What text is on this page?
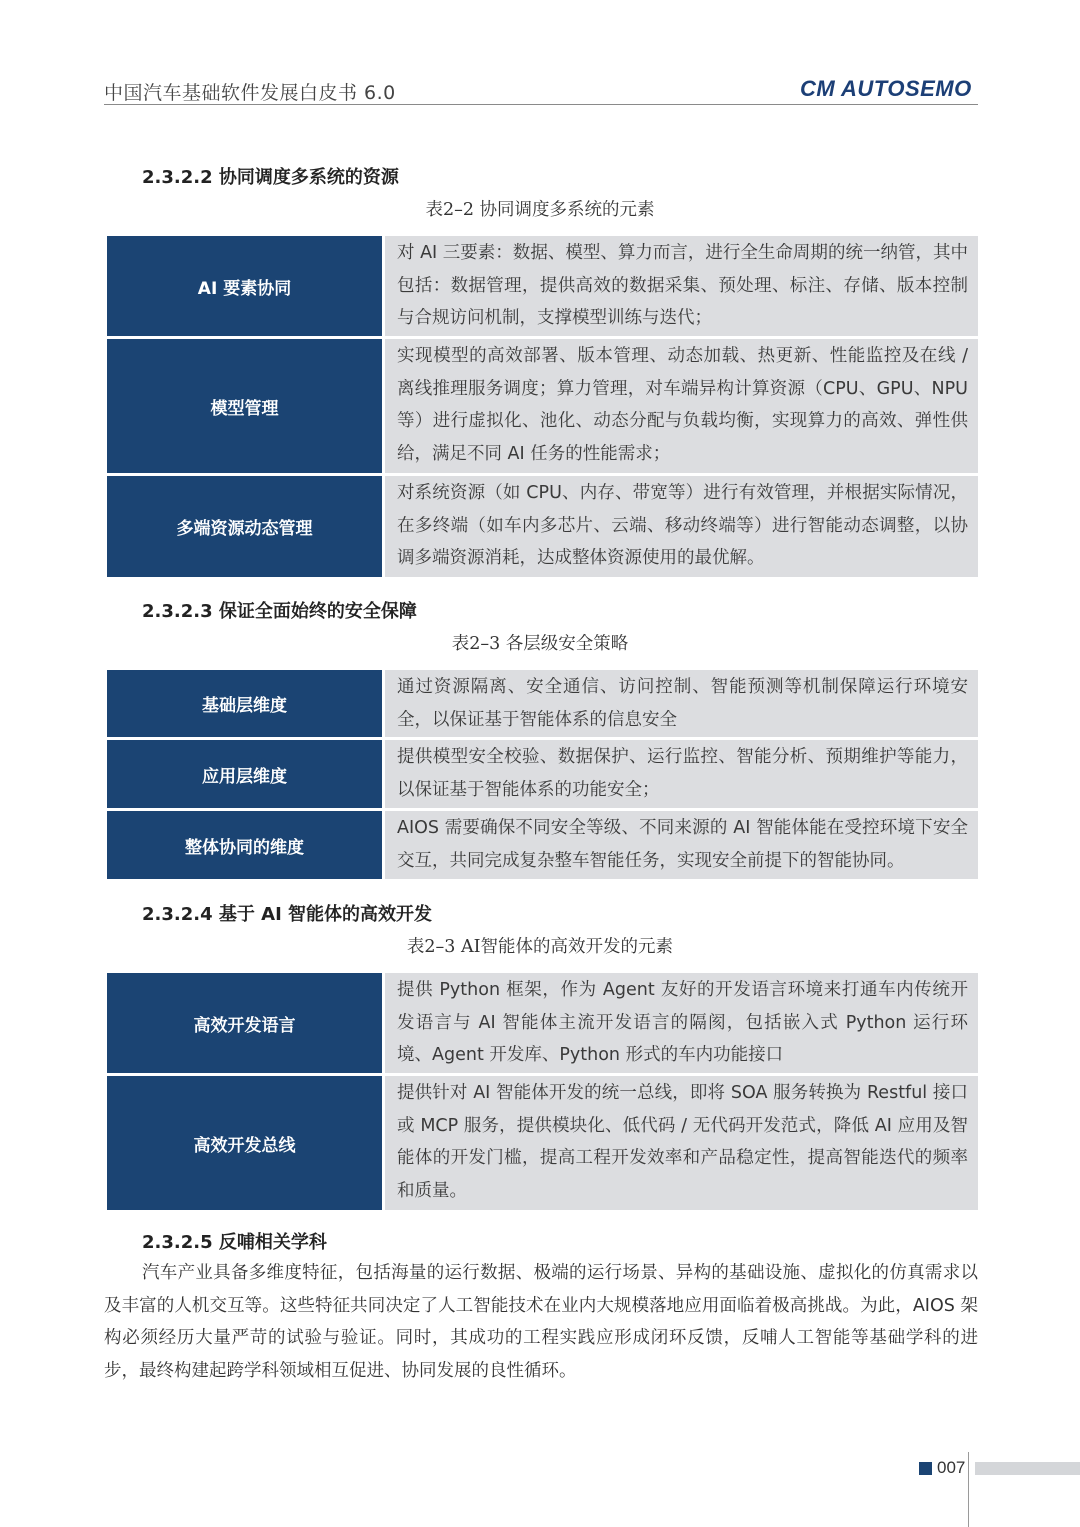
中国汽车基础软件发展白皮书 6.0	CM AUTOSEMO
2.3.2.2 协同调度多系统的资源
表2–2 协同调度多系统的元素
AI 要素协同
对 AI 三要素：数据、模型、算力而言，进行全生命周期的统一纳管，其中包括：数据管理，提供高效的数据采集、预处理、标注、存储、版本控制与合规访问机制，支撑模型训练与迭代；
模型管理
实现模型的高效部署、版本管理、动态加载、热更新、性能监控及在线 / 离线推理服务调度；算力管理，对车端异构计算资源（CPU、GPU、NPU 等）进行虚拟化、池化、动态分配与负载均衡，实现算力的高效、弹性供给，满足不同 AI 任务的性能需求；
多端资源动态管理
对系统资源（如 CPU、内存、带宽等）进行有效管理，并根据实际情况，在多终端（如车内多芯片、云端、移动终端等）进行智能动态调整，以协调多端资源消耗，达成整体资源使用的最优解。
2.3.2.3 保证全面始终的安全保障
表2–3 各层级安全策略
基础层维度
通过资源隔离、安全通信、访问控制、智能预测等机制保障运行环境安全，以保证基于智能体系的信息安全
应用层维度
提供模型安全校验、数据保护、运行监控、智能分析、预期维护等能力，以保证基于智能体系的功能安全；
整体协同的维度
AIOS 需要确保不同安全等级、不同来源的 AI 智能体能在受控环境下安全交互，共同完成复杂整车智能任务，实现安全前提下的智能协同。
2.3.2.4 基于 AI 智能体的高效开发
表2–3 AI智能体的高效开发的元素
高效开发语言
提供 Python 框架，作为 Agent 友好的开发语言环境来打通车内传统开发语言与 AI 智能体主流开发语言的隔阂，包括嵌入式 Python 运行环境、Agent 开发库、Python 形式的车内功能接口
高效开发总线
提供针对 AI 智能体开发的统一总线，即将 SOA 服务转换为 Restful 接口或 MCP 服务，提供模块化、低代码 / 无代码开发范式，降低 AI 应用及智能体的开发门槛，提高工程开发效率和产品稳定性，提高智能迭代的频率和质量。
2.3.2.5 反哺相关学科
汽车产业具备多维度特征，包括海量的运行数据、极端的运行场景、异构的基础设施、虚拟化的仿真需求以及丰富的人机交互等。这些特征共同决定了人工智能技术在业内大规模落地应用面临着极高挑战。为此，AIOS 架构必须经历大量严苛的试验与验证。同时，其成功的工程实践应形成闭环反馈，反哺人工智能等基础学科的进步，最终构建起跨学科领域相互促进、协同发展的良性循环。
007
